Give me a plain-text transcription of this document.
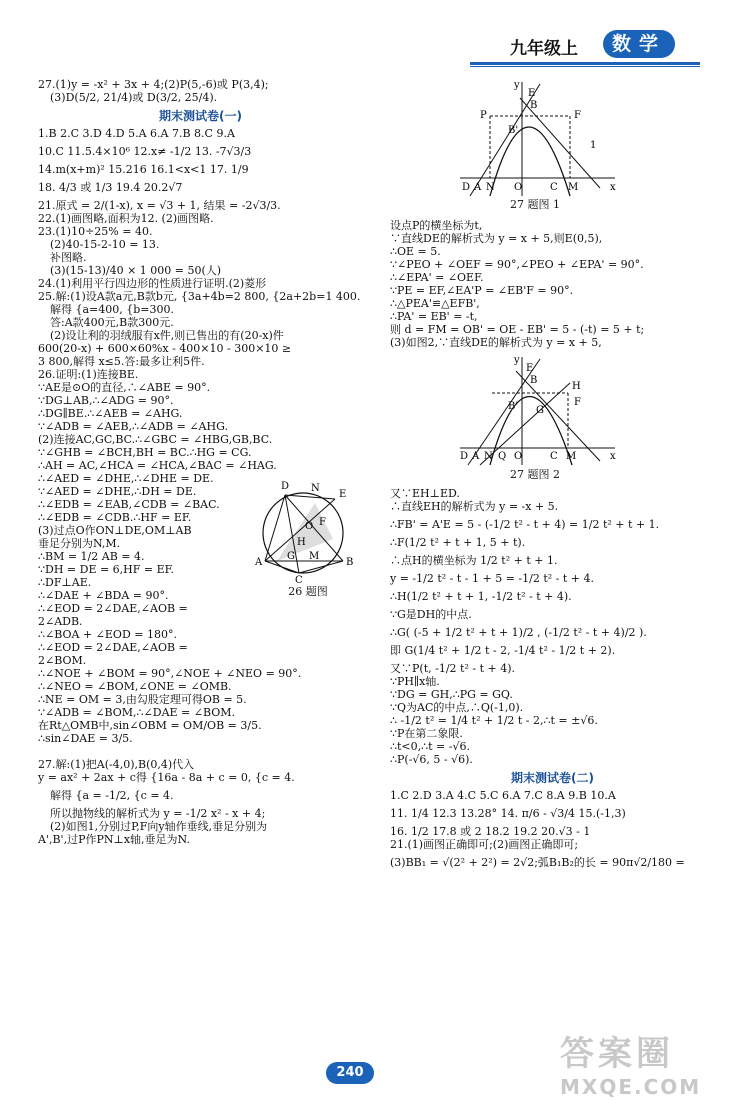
九年级上	数学
27.(1)y = -x² + 3x + 4;(2)P(5,-6)或 P(3,4);
(3)D(5/2, 21/4)或 D(3/2, 25/4).
期末测试卷(一)
1.B 2.C 3.D 4.D 5.A 6.A 7.B 8.C 9.A
10.C 11.5.4×10⁶ 12.x≠ -1/2 13. -7√3/3
14.m(x+m)² 15.216 16.1<x<1 17. 1/9
18. 4/3 或 1/3 19.4 20.2√7
21.原式 = 2/(1-x), x = √3 + 1, 结果 = -2√3/3.
22.(1)画图略,面积为12. (2)画图略.
23.(1)10÷25% = 40.
(2)40-15-2-10 = 13.
补图略.
(3)(15-13)/40 × 1 000 = 50(人)
24.(1)利用平行四边形的性质进行证明.(2)菱形
25.解:(1)设A款a元,B款b元, {3a+4b=2 800, {2a+2b=1 400.
解得 {a=400, {b=300.
答:A款400元,B款300元.
(2)设让利的羽绒服有x件,则已售出的有(20-x)件
600(20-x) + 600×60%x - 400×10 - 300×10 ≥
3 800,解得 x≤5.答:最多让利5件.
26.证明:(1)连接BE.
∵AE是⊙O的直径,∴∠ABE = 90°.
∵DG⊥AB,∴∠ADG = 90°.
∴DG∥BE.∴∠AEB = ∠AHG.
∵∠ADB = ∠AEB,∴∠ADB = ∠AHG.
(2)连接AC,GC,BC.∴∠GBC = ∠HBG,GB,BC.
∵∠GHB = ∠BCH,BH = BC.∴HG = CG.
∴AH = AC,∠HCA = ∠HCA,∠BAC = ∠HAG.
∴∠AED = ∠DHE,∴∠DHE = DE.
∵∠AED = ∠DHE,∴DH = DE.
∴∠EDB = ∠EAB,∠CDB = ∠BAC.
∴∠EDB = ∠CDB.∴HF = EF.
(3)过点O作ON⊥DE,OM⊥AB
垂足分别为N,M.
∴BM = 1/2 AB = 4.
∵DH = DE = 6,HF = EF.
∴DF⊥AE.
∴∠DAE + ∠BDA = 90°.
∴∠EOD = 2∠DAE,∠AOB =
2∠ADB.
∴∠BOA + ∠EOD = 180°.
∴∠EOD = 2∠DAE,∠AOB =
2∠BOM.
∴∠NOE + ∠BOM = 90°,∠NOE + ∠NEO = 90°.
∴∠NEO = ∠BOM,∠ONE = ∠OMB.
∴NE = OM = 3,由勾股定理可得OB = 5.
∵∠ADB = ∠BOM,∴∠DAE = ∠BOM.
在Rt△OMB中,sin∠OBM = OM/OB = 3/5.
∴sin∠DAE = 3/5.
D N
E
O F
H
A
M
B
G
C
26 题图
27.解:(1)把A(-4,0),B(0,4)代入
y = ax² + 2ax + c得 {16a - 8a + c = 0, {c = 4.
解得 {a = -1/2, {c = 4.
所以抛物线的解析式为 y = -1/2 x² - x + 4;
(2)如图1,分别过P,F向y轴作垂线,垂足分别为
A',B',过P作PN⊥x轴,垂足为N.
y
E
P	F
B
B'
D A N O	C M	x
1
27 题图 1
设点P的横坐标为t,
∵直线DE的解析式为 y = x + 5,则E(0,5),
∴OE = 5.
∵∠PEO + ∠OEF = 90°,∠PEO + ∠EPA' = 90°.
∴∠EPA' = ∠OEF.
∵PE = EF,∠EA'P = ∠EB'F = 90°.
∴△PEA'≌△EFB',
∴PA' = EB' = -t,
则 d = FM = OB' = OE - EB' = 5 - (-t) = 5 + t;
(3)如图2,∵直线DE的解析式为 y = x + 5,
y
E
H
B
B' G
F
D A N Q O	C M	x
27 题图 2
又∵EH⊥ED.
∴直线EH的解析式为 y = -x + 5.
∴FB' = A'E = 5 - (-1/2 t² - t + 4) = 1/2 t² + t + 1.
∴F(1/2 t² + t + 1, 5 + t).
∴点H的横坐标为 1/2 t² + t + 1.
y = -1/2 t² - t - 1 + 5 = -1/2 t² - t + 4.
∴H(1/2 t² + t + 1, -1/2 t² - t + 4).
∵G是DH的中点.
∴G( (-5 + 1/2 t² + t + 1)/2 , (-1/2 t² - t + 4)/2 ).
即 G(1/4 t² + 1/2 t - 2, -1/4 t² - 1/2 t + 2).
又∵P(t, -1/2 t² - t + 4).
∵PH∥x轴.
∵DG = GH,∴PG = GQ.
∵Q为AC的中点,∴Q(-1,0).
∴ -1/2 t² = 1/4 t² + 1/2 t - 2,∴t = ±√6.
∵P在第二象限.
∴t<0,∴t = -√6.
∴P(-√6, 5 - √6).
期末测试卷(二)
1.C 2.D 3.A 4.C 5.C 6.A 7.C 8.A 9.B 10.A
11. 1/4 12.3 13.28° 14. π/6 - √3/4 15.(-1,3)
16. 1/2 17.8 或 2 18.2 19.2 20.√3 - 1
21.(1)画图正确即可;(2)画图正确即可;
(3)BB₁ = √(2² + 2²) = 2√2;弧B₁B₂的长 = 90π√2/180 =
240	答案圈
MXQE.COM
